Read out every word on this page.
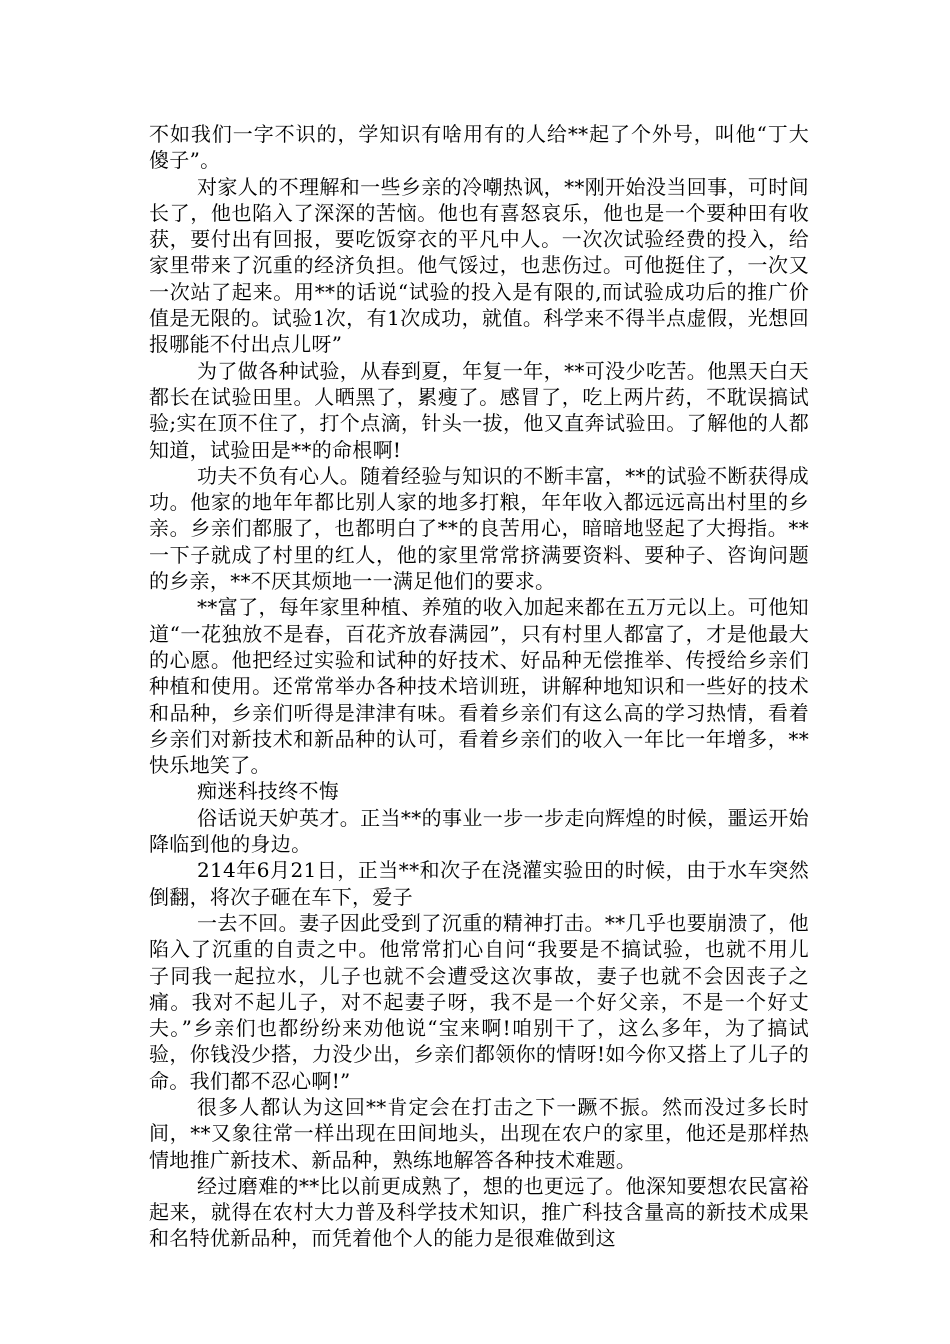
不如我们一字不识的，学知识有啥用有的人给**起了个外号，叫他“丁大傻子”。

对家人的不理解和一些乡亲的冷嘲热讽，**刚开始没当回事，可时间长了，他也陷入了深深的苦恼。他也有喜怒哀乐，他也是一个要种田有收获，要付出有回报，要吃饭穿衣的平凡中人。一次次试验经费的投入，给家里带来了沉重的经济负担。他气馁过，也悲伤过。可他挺住了，一次又一次站了起来。用**的话说“试验的投入是有限的,而试验成功后的推广价值是无限的。试验1次，有1次成功，就值。科学来不得半点虚假，光想回报哪能不付出点儿呀”

为了做各种试验，从春到夏，年复一年，**可没少吃苦。他黑天白天都长在试验田里。人晒黑了，累瘦了。感冒了，吃上两片药，不耽误搞试验;实在顶不住了，打个点滴，针头一拔，他又直奔试验田。了解他的人都知道，试验田是**的命根啊!

功夫不负有心人。随着经验与知识的不断丰富，**的试验不断获得成功。他家的地年年都比别人家的地多打粮，年年收入都远远高出村里的乡亲。乡亲们都服了，也都明白了**的良苦用心，暗暗地竖起了大拇指。**一下子就成了村里的红人，他的家里常常挤满要资料、要种子、咨询问题的乡亲，**不厌其烦地一一满足他们的要求。

**富了，每年家里种植、养殖的收入加起来都在五万元以上。可他知道“一花独放不是春，百花齐放春满园”，只有村里人都富了，才是他最大的心愿。他把经过实验和试种的好技术、好品种无偿推举、传授给乡亲们种植和使用。还常常举办各种技术培训班，讲解种地知识和一些好的技术和品种，乡亲们听得是津津有味。看着乡亲们有这么高的学习热情，看着乡亲们对新技术和新品种的认可，看着乡亲们的收入一年比一年增多，**快乐地笑了。

痴迷科技终不悔

俗话说天妒英才。正当**的事业一步一步走向辉煌的时候，噩运开始降临到他的身边。

214年6月21日，正当**和次子在浇灌实验田的时候，由于水车突然倒翻，将次子砸在车下，爱子

一去不回。妻子因此受到了沉重的精神打击。**几乎也要崩溃了，他陷入了沉重的自责之中。他常常扪心自问“我要是不搞试验，也就不用儿子同我一起拉水，儿子也就不会遭受这次事故，妻子也就不会因丧子之痛。我对不起儿子，对不起妻子呀，我不是一个好父亲，不是一个好丈夫。”乡亲们也都纷纷来劝他说“宝来啊!咱别干了，这么多年，为了搞试验，你钱没少搭，力没少出，乡亲们都领你的情呀!如今你又搭上了儿子的命。我们都不忍心啊!”

很多人都认为这回**肯定会在打击之下一蹶不振。然而没过多长时间，**又象往常一样出现在田间地头，出现在农户的家里，他还是那样热情地推广新技术、新品种，熟练地解答各种技术难题。

经过磨难的**比以前更成熟了，想的也更远了。他深知要想农民富裕起来，就得在农村大力普及科学技术知识，推广科技含量高的新技术成果和名特优新品种，而凭着他个人的能力是很难做到这
